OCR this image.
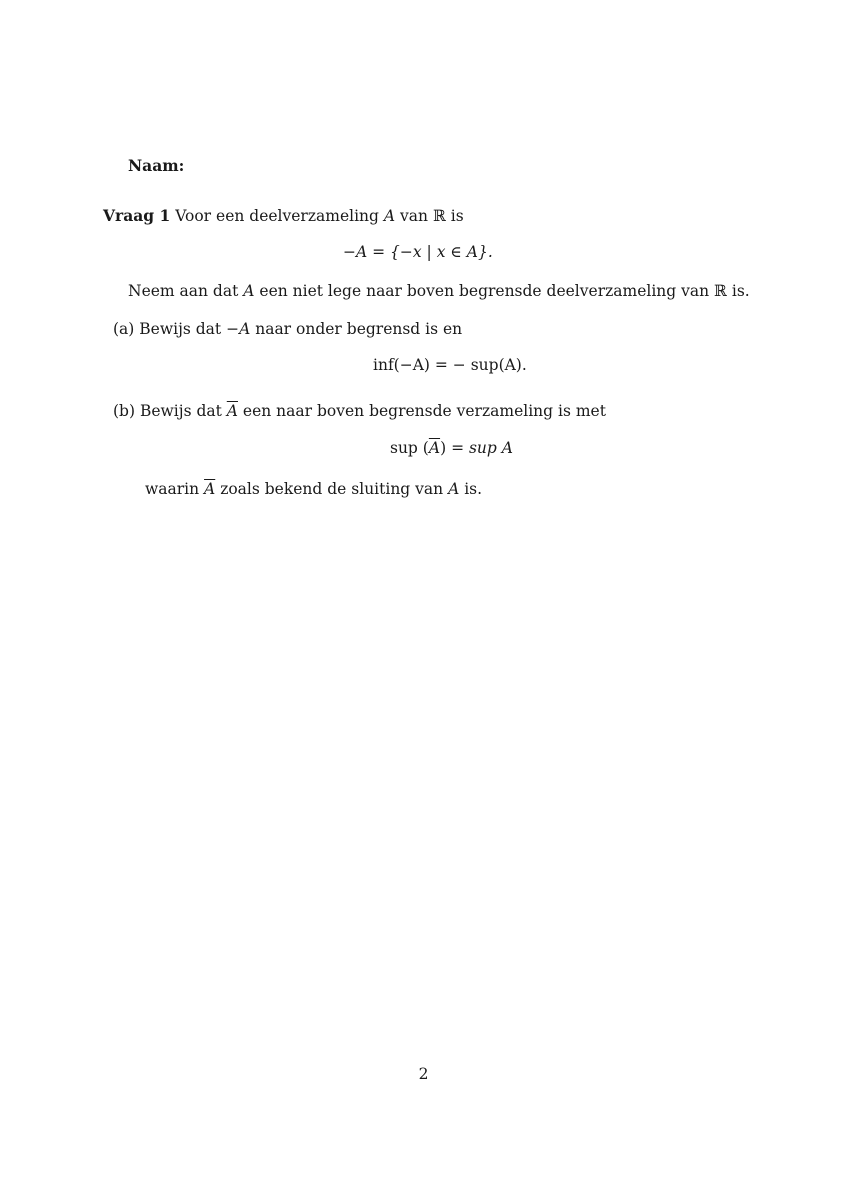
Naam:
Vraag 1 Voor een deelverzameling A van ℝ is
−A = {−x | x ∈ A}.
Neem aan dat A een niet lege naar boven begrensde deelverzameling van ℝ is.
(a) Bewijs dat −A naar onder begrensd is en
inf(−A) = − sup(A).
(b) Bewijs dat $\overline{A}$ een naar boven begrensde verzameling is met
sup $(\overline{A})$ = sup A
waarin $\overline{A}$ zoals bekend de sluiting van A is.
2
